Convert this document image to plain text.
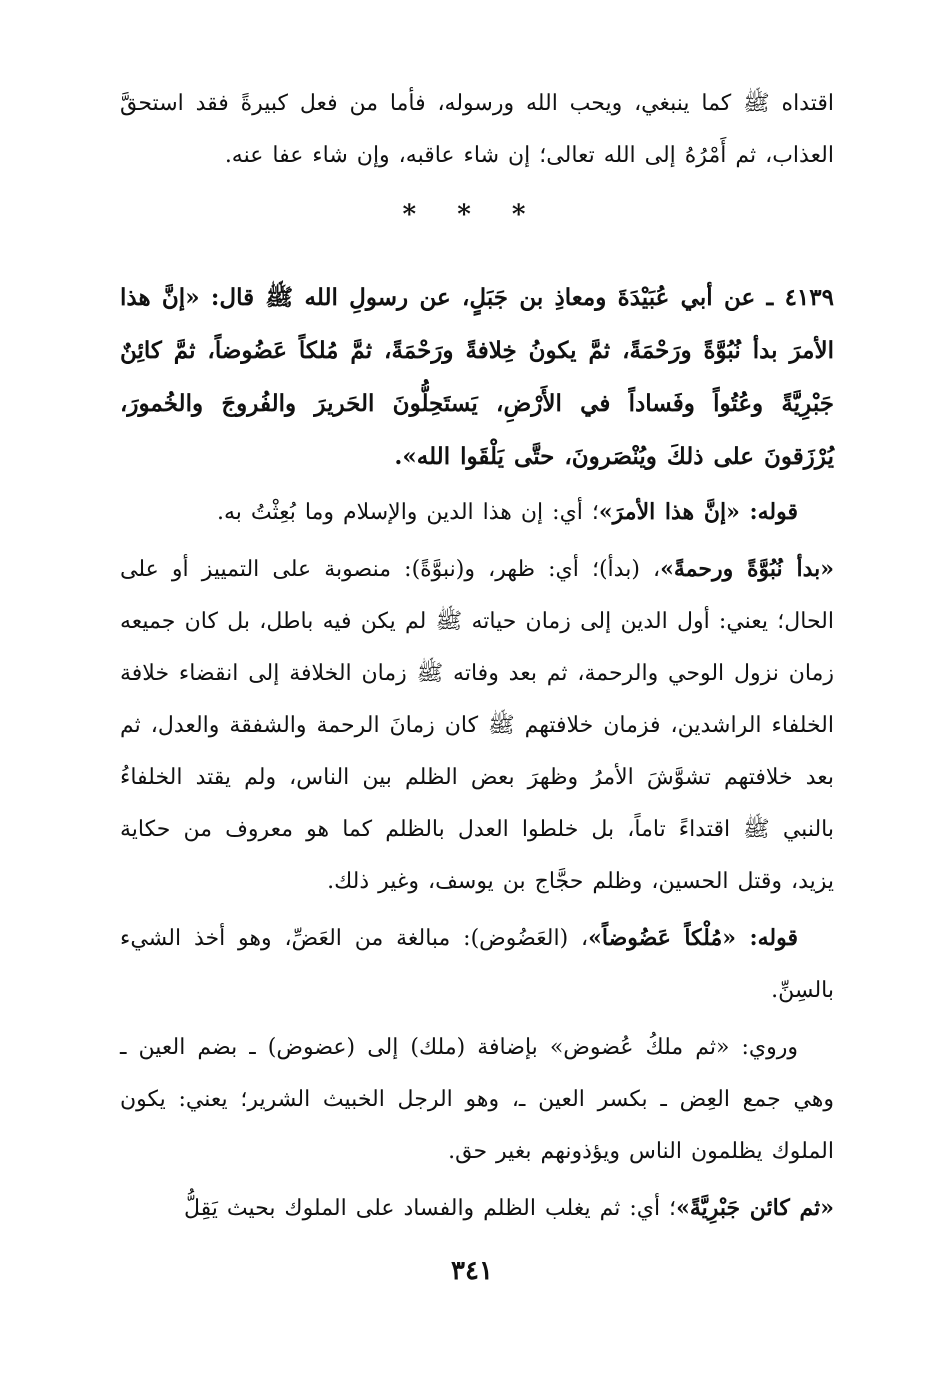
اقتداه ﷺ كما ينبغي، ويحب الله ورسوله، فأما من فعل كبيرةً فقد استحقَّ العذاب، ثم أَمْرُهُ إلى الله تعالى؛ إن شاء عاقبه، وإن شاء عفا عنه.
* * *
٤١٣٩ ـ عن أبي عُبَيْدَةَ ومعاذِ بن جَبَلٍ، عن رسولِ الله ﷺ قال: «إنَّ هذا الأمرَ بدأ نُبُوَّةً ورَحْمَةً، ثمَّ يكونُ خِلافةً ورَحْمَةً، ثمَّ مُلكاً عَضُوضاً، ثمَّ كائِنٌ جَبْرِيَّةً وعُتُواً وفَساداً في الأَرْضِ، يَستَحِلُّونَ الحَريرَ والفُروجَ والخُمورَ، يُرْزَقونَ على ذلكَ ويُنْصَرونَ، حتَّى يَلْقَوا الله».

قوله: «إنَّ هذا الأمرَ»؛ أي: إن هذا الدين والإسلام وما بُعِثْتُ به.

«بدأ نُبُوَّةً ورحمةً»، (بدأ)؛ أي: ظهر، و(نبوَّةً): منصوبة على التمييز أو على الحال؛ يعني: أول الدين إلى زمان حياته ﷺ لم يكن فيه باطل، بل كان جميعه زمان نزول الوحي والرحمة، ثم بعد وفاته ﷺ زمان الخلافة إلى انقضاء خلافة الخلفاء الراشدين، فزمان خلافتهم ﷺ كان زمانَ الرحمة والشفقة والعدل، ثم بعد خلافتهم تشوَّشَ الأمرُ وظهرَ بعض الظلم بين الناس، ولم يقتد الخلفاءُ بالنبي ﷺ اقتداءً تاماً، بل خلطوا العدل بالظلم كما هو معروف من حكاية يزيد، وقتل الحسين، وظلم حجَّاج بن يوسف، وغير ذلك.

قوله: «مُلْكاً عَضُوضاً»، (العَضُوض): مبالغة من العَضِّ، وهو أخذ الشيء بالسِنِّ.

وروي: «ثم ملكُ عُضوض» بإضافة (ملك) إلى (عضوض) ـ بضم العين ـ وهي جمع العِض ـ بكسر العين ـ، وهو الرجل الخبيث الشرير؛ يعني: يكون الملوك يظلمون الناس ويؤذونهم بغير حق.

«ثم كائن جَبْرِيَّةً»؛ أي: ثم يغلب الظلم والفساد على الملوك بحيث يَقِلُّ

٣٤١
